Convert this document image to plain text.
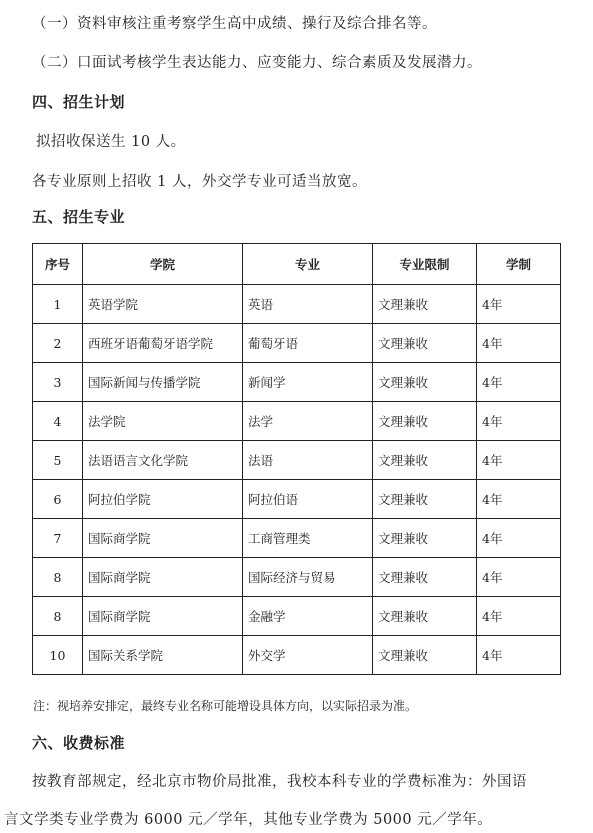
（一）资料审核注重考察学生高中成绩、操行及综合排名等。
（二）口面试考核学生表达能力、应变能力、综合素质及发展潜力。
四、招生计划
拟招收保送生 10 人。
各专业原则上招收 1 人，外交学专业可适当放宽。
五、招生专业
序号	学院	专业	专业限制	学制
1	英语学院	英语	文理兼收	4年
2	西班牙语葡萄牙语学院	葡萄牙语	文理兼收	4年
3	国际新闻与传播学院	新闻学	文理兼收	4年
4	法学院	法学	文理兼收	4年
5	法语语言文化学院	法语	文理兼收	4年
6	阿拉伯学院	阿拉伯语	文理兼收	4年
7	国际商学院	工商管理类	文理兼收	4年
8	国际商学院	国际经济与贸易	文理兼收	4年
8	国际商学院	金融学	文理兼收	4年
10	国际关系学院	外交学	文理兼收	4年
注：视培养安排定，最终专业名称可能增设具体方向，以实际招录为准。
六、收费标准
按教育部规定，经北京市物价局批准，我校本科专业的学费标准为：外国语
言文学类专业学费为 6000 元／学年，其他专业学费为 5000 元／学年。
